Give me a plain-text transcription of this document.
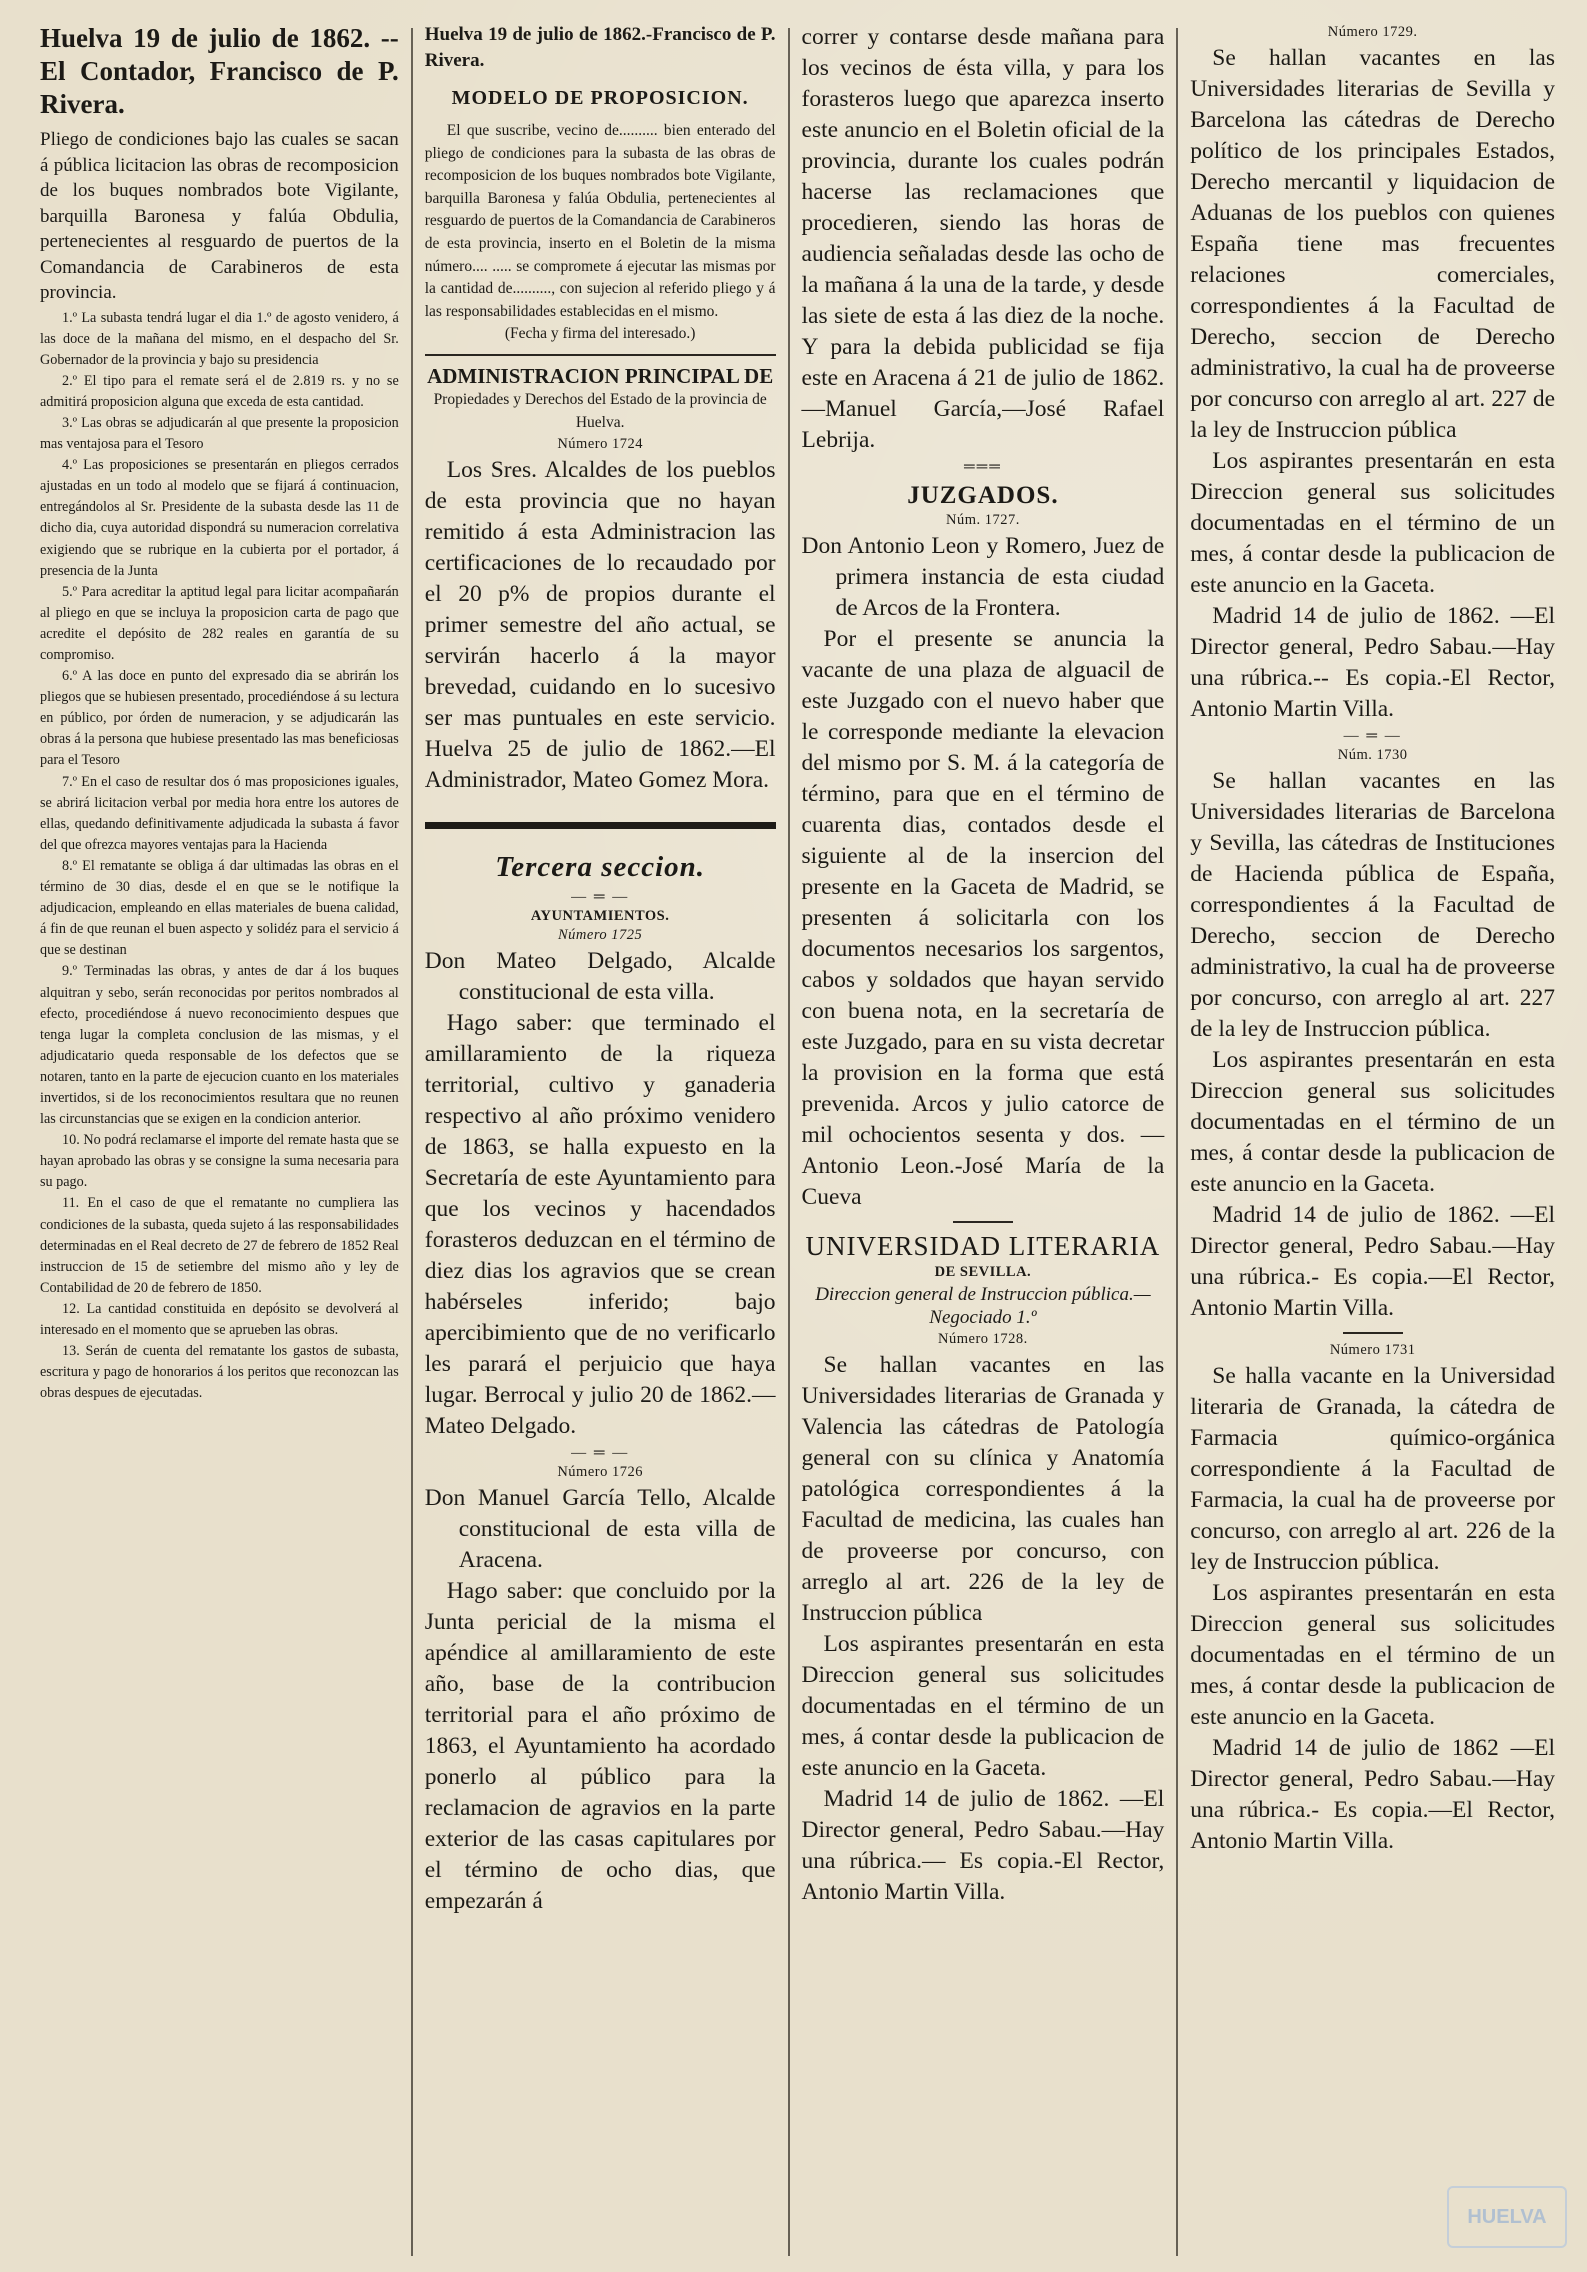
Huelva 19 de julio de 1862. --El Contador, Francisco de P. Rivera.

Pliego de condiciones bajo las cuales se sacan á pública licitacion las obras de recomposicion de los buques nombrados bote Vigilante, barquilla Baronesa y falúa Obdulia, pertenecientes al resguardo de puertos de la Comandancia de Carabineros de esta provincia.

1.º La subasta tendrá lugar el dia 1.º de agosto venidero, á las doce de la mañana del mismo, en el despacho del Sr. Gobernador de la provincia y bajo su presidencia

2.º El tipo para el remate será el de 2.819 rs. y no se admitirá proposicion alguna que exceda de esta cantidad.

3.º Las obras se adjudicarán al que presente la proposicion mas ventajosa para el Tesoro

4.º Las proposiciones se presentarán en pliegos cerrados ajustadas en un todo al modelo que se fijará á continuacion, entregándolos al Sr. Presidente de la subasta desde las 11 de dicho dia, cuya autoridad dispondrá su numeracion correlativa exigiendo que se rubrique en la cubierta por el portador, á presencia de la Junta

5.º Para acreditar la aptitud legal para licitar acompañarán al pliego en que se incluya la proposicion carta de pago que acredite el depósito de 282 reales en garantía de su compromiso.

6.º A las doce en punto del expresado dia se abrirán los pliegos que se hubiesen presentado, procediéndose á su lectura en público, por órden de numeracion, y se adjudicarán las obras á la persona que hubiese presentado las mas beneficiosas para el Tesoro

7.º En el caso de resultar dos ó mas proposiciones iguales, se abrirá licitacion verbal por media hora entre los autores de ellas, quedando definitivamente adjudicada la subasta á favor del que ofrezca mayores ventajas para la Hacienda

8.º El rematante se obliga á dar ultimadas las obras en el término de 30 dias, desde el en que se le notifique la adjudicacion, empleando en ellas materiales de buena calidad, á fin de que reunan el buen aspecto y solidéz para el servicio á que se destinan

9.º Terminadas las obras, y antes de dar á los buques alquitran y sebo, serán reconocidas por peritos nombrados al efecto, procediéndose á nuevo reconocimiento despues que tenga lugar la completa conclusion de las mismas, y el adjudicatario queda responsable de los defectos que se notaren, tanto en la parte de ejecucion cuanto en los materiales invertidos, si de los reconocimientos resultara que no reunen las circunstancias que se exigen en la condicion anterior.

10. No podrá reclamarse el importe del remate hasta que se hayan aprobado las obras y se consigne la suma necesaria para su pago.

11. En el caso de que el rematante no cumpliera las condiciones de la subasta, queda sujeto á las responsabilidades determinadas en el Real decreto de 27 de febrero de 1852 Real instruccion de 15 de setiembre del mismo año y ley de Contabilidad de 20 de febrero de 1850.

12. La cantidad constituida en depósito se devolverá al interesado en el momento que se aprueben las obras.

13. Serán de cuenta del rematante los gastos de subasta, escritura y pago de honorarios á los peritos que reconozcan las obras despues de ejecutadas.

Huelva 19 de julio de 1862.-Francisco de P. Rivera.

MODELO DE PROPOSICION.

El que suscribe, vecino de.......... bien enterado del pliego de condiciones para la subasta de las obras de recomposicion de los buques nombrados bote Vigilante, barquilla Baronesa y falúa Obdulia, pertenecientes al resguardo de puertos de la Comandancia de Carabineros de esta provincia, inserto en el Boletin de la misma número.... ..... se compromete á ejecutar las mismas por la cantidad de.........., con sujecion al referido pliego y á las responsabilidades establecidas en el mismo.

(Fecha y firma del interesado.)

ADMINISTRACION PRINCIPAL DE

Propiedades y Derechos del Estado de la provincia de Huelva.

Número 1724

Los Sres. Alcaldes de los pueblos de esta provincia que no hayan remitido á esta Administracion las certificaciones de lo recaudado por el 20 p% de propios durante el primer semestre del año actual, se servirán hacerlo á la mayor brevedad, cuidando en lo sucesivo ser mas puntuales en este servicio. Huelva 25 de julio de 1862.—El Administrador, Mateo Gomez Mora.

Tercera seccion.

— ═ —

AYUNTAMIENTOS.

Número 1725

Don Mateo Delgado, Alcalde constitucional de esta villa.

Hago saber: que terminado el amillaramiento de la riqueza territorial, cultivo y ganaderia respectivo al año próximo venidero de 1863, se halla expuesto en la Secretaría de este Ayuntamiento para que los vecinos y hacendados forasteros deduzcan en el término de diez dias los agravios que se crean habérseles inferido; bajo apercibimiento que de no verificarlo les parará el perjuicio que haya lugar. Berrocal y julio 20 de 1862.—Mateo Delgado.

— ═ —

Número 1726

Don Manuel García Tello, Alcalde constitucional de esta villa de Aracena.

Hago saber: que concluido por la Junta pericial de la misma el apéndice al amillaramiento de este año, base de la contribucion territorial para el año próximo de 1863, el Ayuntamiento ha acordado ponerlo al público para la reclamacion de agravios en la parte exterior de las casas capitulares por el término de ocho dias, que empezarán á

correr y contarse desde mañana para los vecinos de ésta villa, y para los forasteros luego que aparezca inserto este anuncio en el Boletin oficial de la provincia, durante los cuales podrán hacerse las reclamaciones que procedieren, siendo las horas de audiencia señaladas desde las ocho de la mañana á la una de la tarde, y desde las siete de esta á las diez de la noche. Y para la debida publicidad se fija este en Aracena á 21 de julio de 1862. —Manuel García,—José Rafael Lebrija.

═══

JUZGADOS.

Núm. 1727.

Don Antonio Leon y Romero, Juez de primera instancia de esta ciudad de Arcos de la Frontera.

Por el presente se anuncia la vacante de una plaza de alguacil de este Juzgado con el nuevo haber que le corresponde mediante la elevacion del mismo por S. M. á la categoría de término, para que en el término de cuarenta dias, contados desde el siguiente al de la insercion del presente en la Gaceta de Madrid, se presenten á solicitarla con los documentos necesarios los sargentos, cabos y soldados que hayan servido con buena nota, en la secretaría de este Juzgado, para en su vista decretar la provision en la forma que está prevenida. Arcos y julio catorce de mil ochocientos sesenta y dos. —Antonio Leon.-José María de la Cueva

UNIVERSIDAD LITERARIA

DE SEVILLA.

Direccion general de Instruccion pública.—Negociado 1.º

Número 1728.

Se hallan vacantes en las Universidades literarias de Granada y Valencia las cátedras de Patología general con su clínica y Anatomía patológica correspondientes á la Facultad de medicina, las cuales han de proveerse por concurso, con arreglo al art. 226 de la ley de Instruccion pública

Los aspirantes presentarán en esta Direccion general sus solicitudes documentadas en el término de un mes, á contar desde la publicacion de este anuncio en la Gaceta.

Madrid 14 de julio de 1862. —El Director general, Pedro Sabau.—Hay una rúbrica.— Es copia.-El Rector, Antonio Martin Villa.

Número 1729.

Se hallan vacantes en las Universidades literarias de Sevilla y Barcelona las cátedras de Derecho político de los principales Estados, Derecho mercantil y liquidacion de Aduanas de los pueblos con quienes España tiene mas frecuentes relaciones comerciales, correspondientes á la Facultad de Derecho, seccion de Derecho administrativo, la cual ha de proveerse por concurso con arreglo al art. 227 de la ley de Instruccion pública

Los aspirantes presentarán en esta Direccion general sus solicitudes documentadas en el término de un mes, á contar desde la publicacion de este anuncio en la Gaceta.

Madrid 14 de julio de 1862. —El Director general, Pedro Sabau.—Hay una rúbrica.-- Es copia.-El Rector, Antonio Martin Villa.

— ═ —

Núm. 1730

Se hallan vacantes en las Universidades literarias de Barcelona y Sevilla, las cátedras de Instituciones de Hacienda pública de España, correspondientes á la Facultad de Derecho, seccion de Derecho administrativo, la cual ha de proveerse por concurso, con arreglo al art. 227 de la ley de Instruccion pública.

Los aspirantes presentarán en esta Direccion general sus solicitudes documentadas en el término de un mes, á contar desde la publicacion de este anuncio en la Gaceta.

Madrid 14 de julio de 1862. —El Director general, Pedro Sabau.—Hay una rúbrica.- Es copia.—El Rector, Antonio Martin Villa.

Número 1731

Se halla vacante en la Universidad literaria de Granada, la cátedra de Farmacia químico-orgánica correspondiente á la Facultad de Farmacia, la cual ha de proveerse por concurso, con arreglo al art. 226 de la ley de Instruccion pública.

Los aspirantes presentarán en esta Direccion general sus solicitudes documentadas en el término de un mes, á contar desde la publicacion de este anuncio en la Gaceta.

Madrid 14 de julio de 1862 —El Director general, Pedro Sabau.—Hay una rúbrica.- Es copia.—El Rector, Antonio Martin Villa.

HUELVA
